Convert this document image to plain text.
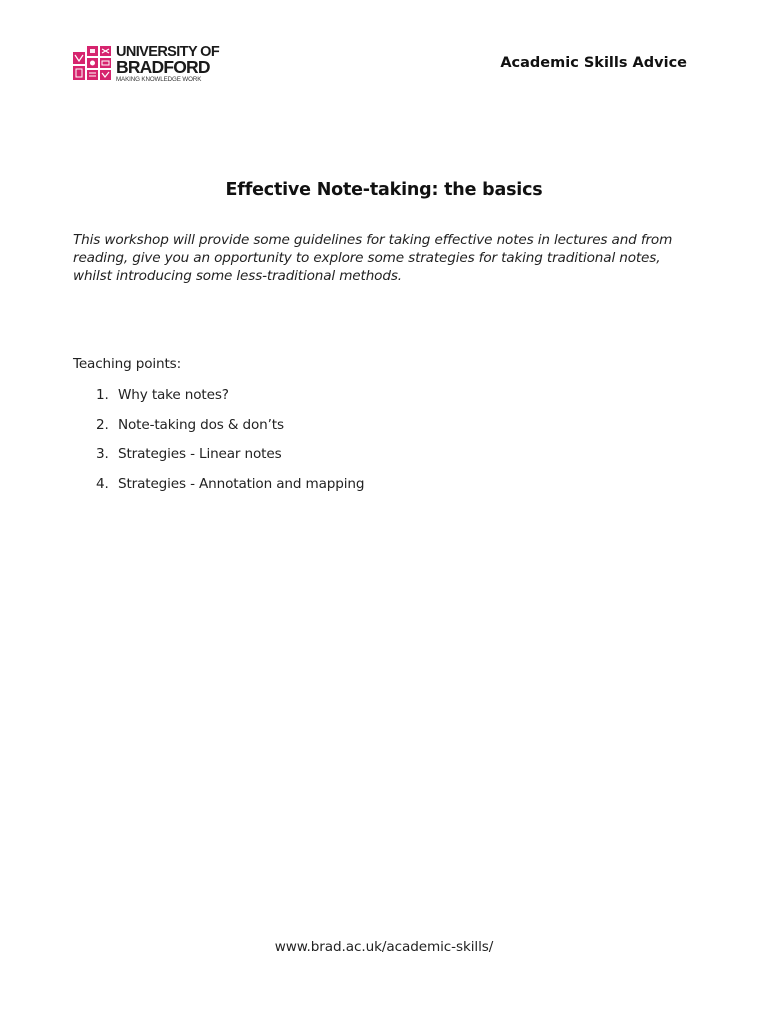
UNIVERSITY OF
BRADFORD
MAKING KNOWLEDGE WORK
Academic Skills Advice
Effective Note-taking: the basics

This workshop will provide some guidelines for taking effective notes in lectures and from
reading, give you an opportunity to explore some strategies for taking traditional notes,
whilst introducing some less-traditional methods.

Teaching points:
1. Why take notes?
2. Note-taking dos & don’ts
3. Strategies - Linear notes
4. Strategies - Annotation and mapping
www.brad.ac.uk/academic-skills/
